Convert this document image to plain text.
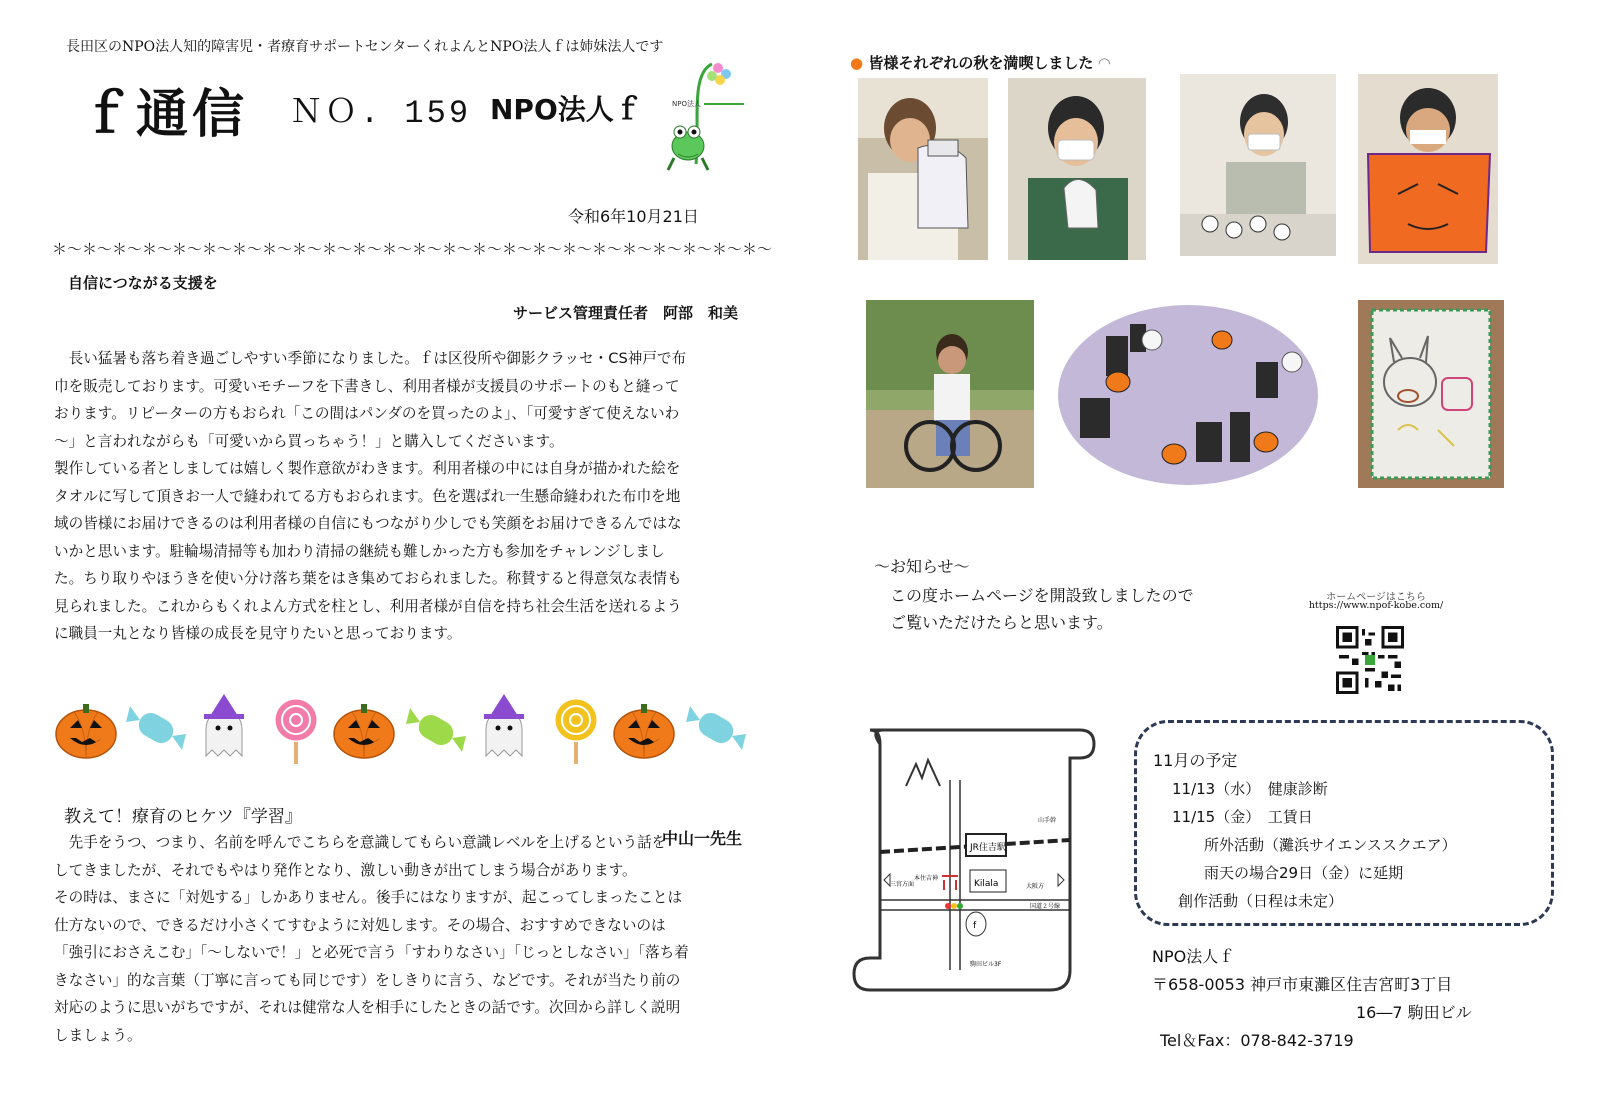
長田区のNPO法人知的障害児・者療育サポートセンターくれよんとNPO法人ｆは姉妹法人です
ｆ通信 ＮＯ. 159 NPO法人ｆ	NPO法人
令和6年10月21日
＊～＊～＊～＊～＊～＊～＊～＊～＊～＊～＊～＊～＊～＊～＊～＊～＊～＊～＊～＊～＊～＊～＊～＊～
自信につながる支援を
サービス管理責任者　阿部　和美

長い猛暑も落ち着き過ごしやすい季節になりました。ｆは区役所や御影クラッセ・CS神戸で布

巾を販売しております。可愛いモチーフを下書きし、利用者様が支援員のサポートのもと縫って

おります。リピーターの方もおられ「この間はパンダのを買ったのよ」、「可愛すぎて使えないわ

～」と言われながらも「可愛いから買っちゃう！」と購入してくださいます。

製作している者としましては嬉しく製作意欲がわきます。利用者様の中には自身が描かれた絵を

タオルに写して頂きお一人で縫われてる方もおられます。色を選ばれ一生懸命縫われた布巾を地

域の皆様にお届けできるのは利用者様の自信にもつながり少しでも笑顔をお届けできるんではな

いかと思います。駐輪場清掃等も加わり清掃の継続も難しかった方も参加をチャレンジしまし

た。ちり取りやほうきを使い分け落ち葉をはき集めておられました。称賛すると得意気な表情も

見られました。これからもくれよん方式を柱とし、利用者様が自信を持ち社会生活を送れるよう

に職員一丸となり皆様の成長を見守りたいと思っております。

教えて！療育のヒケツ『学習』
中山一先生

先手をうつ、つまり、名前を呼んでこちらを意識してもらい意識レベルを上げるという話を

してきましたが、それでもやはり発作となり、激しい動きが出てしまう場合があります。

その時は、まさに「対処する」しかありません。後手にはなりますが、起こってしまったことは

仕方ないので、できるだけ小さくてすむように対処します。その場合、おすすめできないのは

「強引におさえこむ」「～しないで！」と必死で言う「すわりなさい」「じっとしなさい」「落ち着

きなさい」的な言葉（丁寧に言っても同じです）をしきりに言う、などです。それが当たり前の

対応のように思いがちですが、それは健常な人を相手にしたときの話です。次回から詳しく説明

しましょう。

● 皆様それぞれの秋を満喫しました ◠
～お知らせ～
この度ホームページを開設致しましたので
ご覧いただけたらと思います。
ホームページはこちら
https://www.npof-kobe.com/
JR住吉駅
Kilala
山手幹
三宮方面	大阪方
国道２号線
本住吉神
駒田ビル3F
f
11月の予定
11/13（水）　健康診断
11/15（金）　工賃日
所外活動（灘浜サイエンススクエア）
雨天の場合29日（金）に延期
創作活動（日程は未定）
NPO法人ｆ
〒658-0053 神戸市東灘区住吉宮町3丁目
16―7 駒田ビル
Tel＆Fax：078-842-3719
